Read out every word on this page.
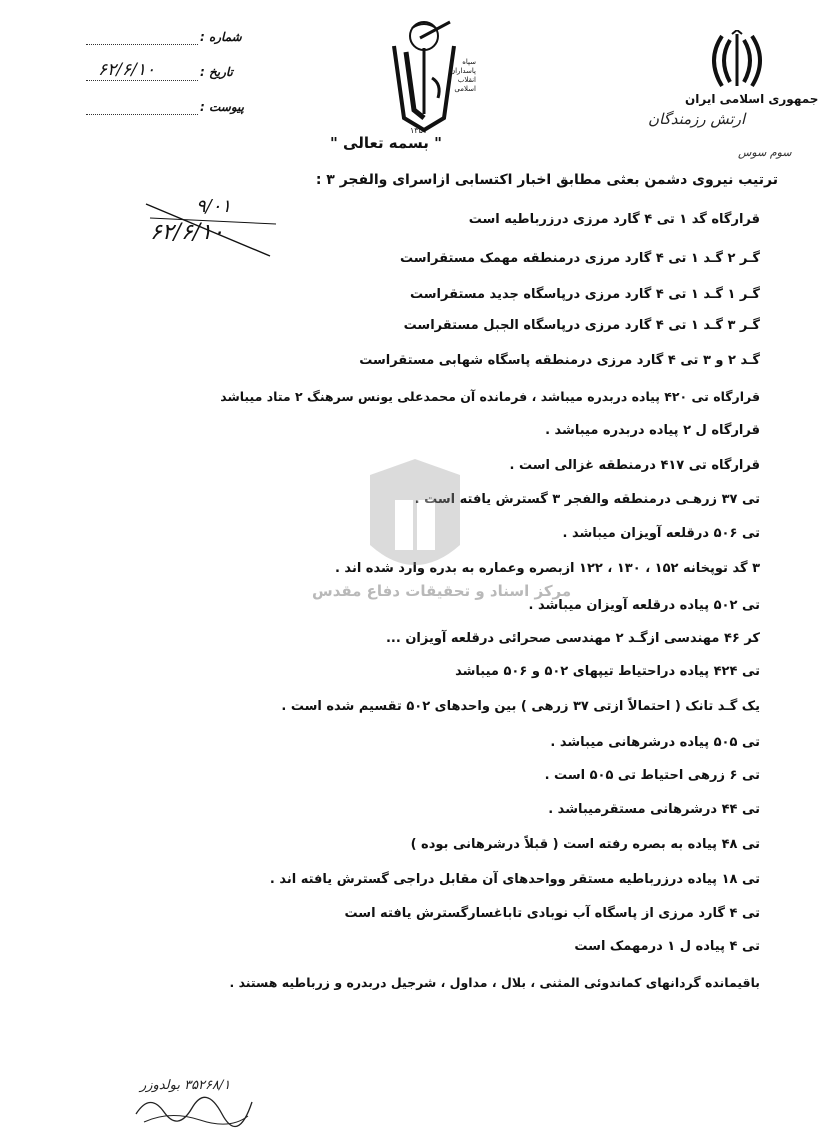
شماره :
تاریخ :
۶۲/۶/۱۰
پیوست :
سپاه پاسداران انقلاب اسلامی
۱۳۵۷
جمهوری اسلامی ایران
ارتش رزمندگان
سوم سوس
" بسمه تعالی "
ترتیب نیروی دشمن بعثی مطابق اخبار اکتسابی ازاسرای والفجر ۳ :
۹/۰۱
۶۲/۶/۱۰
قرارگاه گد ۱ تی ۴ گارد مرزی درزرباطیه است
گـر ۲ گـد ۱ تی ۴ گارد مرزی درمنطقه مهمک مستقراست
گـر ۱ گـد ۱ تی ۴ گارد مرزی درپاسگاه جدید مستقراست
گـر ۳ گـد ۱ تی ۴ گارد مرزی درپاسگاه الجبل مستقراست
گـد ۲ و ۳ تی ۴ گارد مرزی درمنطقه پاسگاه شهابی مستقراست
قرارگاه تی ۴۲۰ پیاده دربدره میباشد ، فرمانده آن محمدعلی یونس سرهنگ ۲ متاد میباشد
قرارگاه ل ۲ پیاده دربدره میباشد .
قرارگاه تی ۴۱۷ درمنطقه غزالی است .
تی ۳۷ زرهـی درمنطقه والفجر ۳ گسترش یافته است .
تی ۵۰۶ درقلعه آویزان میباشد .
۳ گد توپخانه ۱۵۲ ، ۱۳۰ ، ۱۲۲ ازبصره وعماره به بدره وارد شده اند .
تی ۵۰۲ پیاده درقلعه آویزان میباشد .
کر ۴۶ مهندسی ازگـد ۲ مهندسی صحرائی درقلعه آویزان ...
تی ۴۲۴ پیاده دراحتیاط تیپهای ۵۰۲ و ۵۰۶ میباشد
یک گـد تانک ( احتمالاً ازتی ۳۷ زرهی ) بین واحدهای ۵۰۲ تقسیم شده است .
تی ۵۰۵ پیاده درشرهانی میباشد .
تی ۶ زرهی احتیاط تی ۵۰۵ است .
تی ۴۴ درشرهانی مستقرمیباشد .
تی ۴۸ پیاده به بصره رفته است ( قبلاً درشرهانی بوده )
تی ۱۸ پیاده درزرباطیه مستقر وواحدهای آن مقابل دراجی گسترش یافته اند .
تی ۴ گارد مرزی از پاسگاه آب نوبادی تاباغسارگسترش یافته است
تی ۴ پیاده ل ۱ درمهمک است
باقیمانده گردانهای کماندوئی المثنی ، بلال ، مداول ، شرجیل دربدره و زرباطیه هستند .
مرکز اسناد و تحقیقات دفاع مقدس
۳۵۲۶۸/۱ بولدوزر
